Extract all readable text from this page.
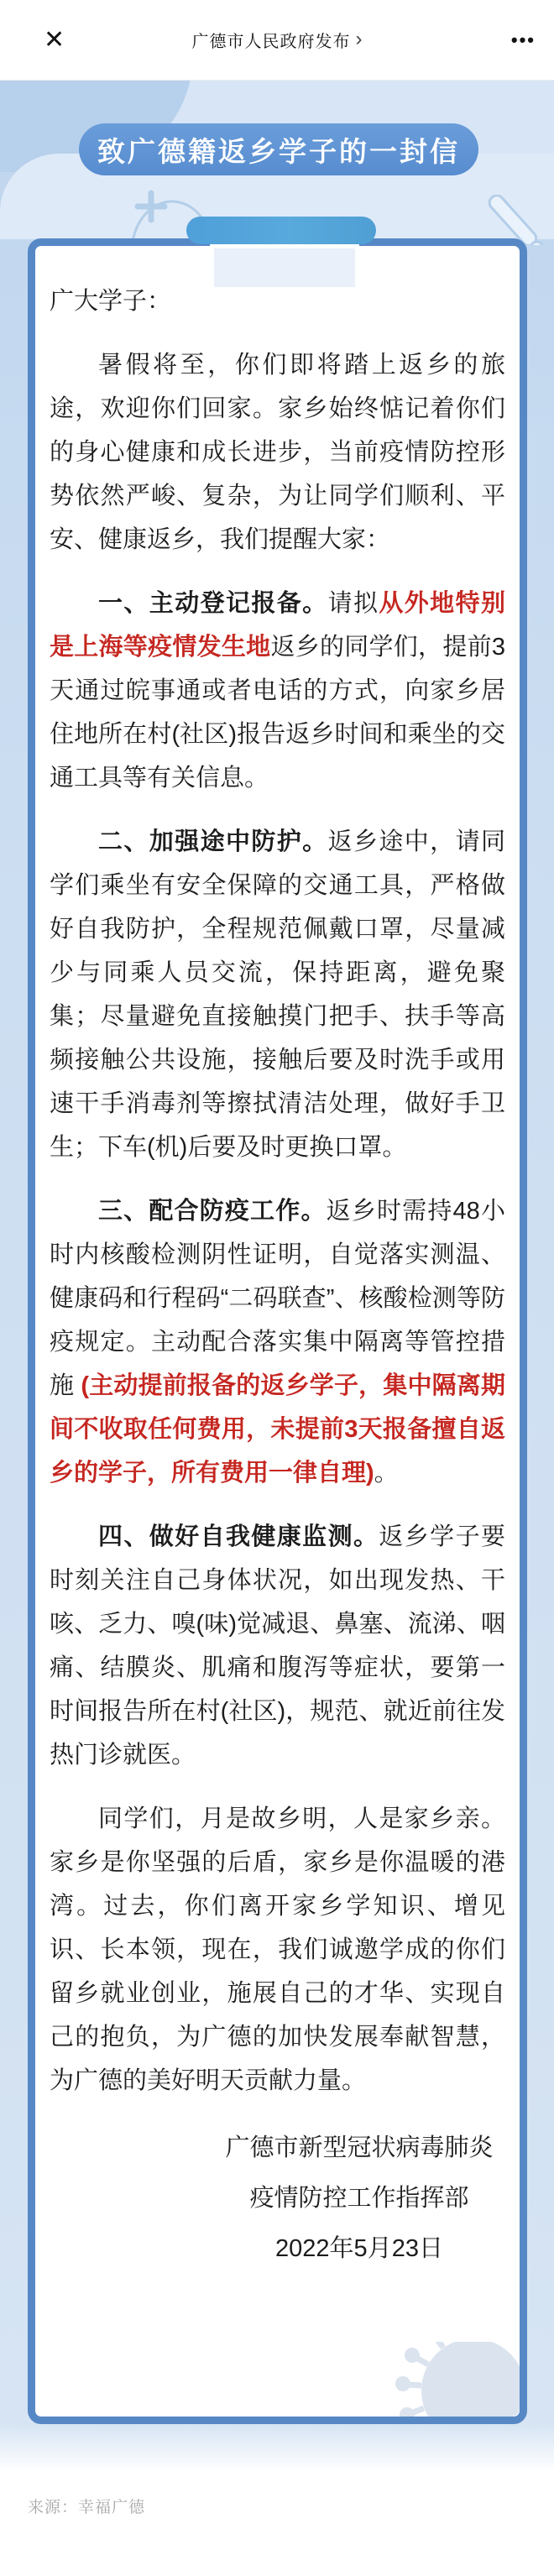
✕	广德市人民政府发布 ›	•••
致广德籍返乡学子的一封信

广大学子：

暑假将至，你们即将踏上返乡的旅途，欢迎你们回家。家乡始终惦记着你们的身心健康和成长进步，当前疫情防控形势依然严峻、复杂，为让同学们顺利、平安、健康返乡，我们提醒大家：

一、主动登记报备。请拟从外地特别是上海等疫情发生地返乡的同学们，提前3天通过皖事通或者电话的方式，向家乡居住地所在村(社区)报告返乡时间和乘坐的交通工具等有关信息。

二、加强途中防护。返乡途中，请同学们乘坐有安全保障的交通工具，严格做好自我防护，全程规范佩戴口罩，尽量减少与同乘人员交流，保持距离，避免聚集；尽量避免直接触摸门把手、扶手等高频接触公共设施，接触后要及时洗手或用速干手消毒剂等擦拭清洁处理，做好手卫生；下车(机)后要及时更换口罩。

三、配合防疫工作。返乡时需持48小时内核酸检测阴性证明，自觉落实测温、健康码和行程码“二码联查”、核酸检测等防疫规定。主动配合落实集中隔离等管控措施 (主动提前报备的返乡学子，集中隔离期间不收取任何费用，未提前3天报备擅自返乡的学子，所有费用一律自理)。

四、做好自我健康监测。返乡学子要时刻关注自己身体状况，如出现发热、干咳、乏力、嗅(味)觉减退、鼻塞、流涕、咽痛、结膜炎、肌痛和腹泻等症状，要第一时间报告所在村(社区)，规范、就近前往发热门诊就医。

同学们，月是故乡明，人是家乡亲。家乡是你坚强的后盾，家乡是你温暖的港湾。过去，你们离开家乡学知识、增见识、长本领，现在，我们诚邀学成的你们留乡就业创业，施展自己的才华、实现自己的抱负，为广德的加快发展奉献智慧，为广德的美好明天贡献力量。

广德市新型冠状病毒肺炎
疫情防控工作指挥部
2022年5月23日

来源：幸福广德
